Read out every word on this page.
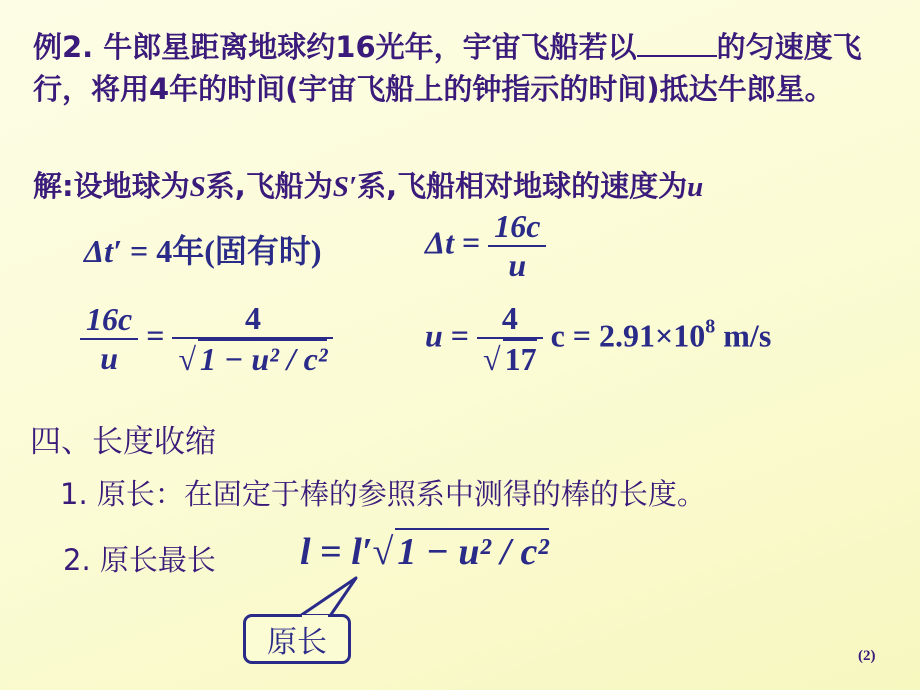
例2. 牛郎星距离地球约16光年，宇宙飞船若以	的匀速度飞行，将用4年的时间(宇宙飞船上的钟指示的时间)抵达牛郎星。
解:设地球为S系,飞船为S′系,飞船相对地球的速度为u
Δt′ = 4年(固有时)	$\Delta t = \frac{16c}{u}$
$\frac{16c}{u} = \frac{4}{\text{√ 1 − u² / c²}}$	$u = \frac{4}{√ 17}$ $c = 2.91\times 10^8$ m/s
四、长度收缩
1. 原长：在固定于棒的参照系中测得的棒的长度。
2. 原长最长 l = l′√ 1 − u² / c²
原长	(2)
